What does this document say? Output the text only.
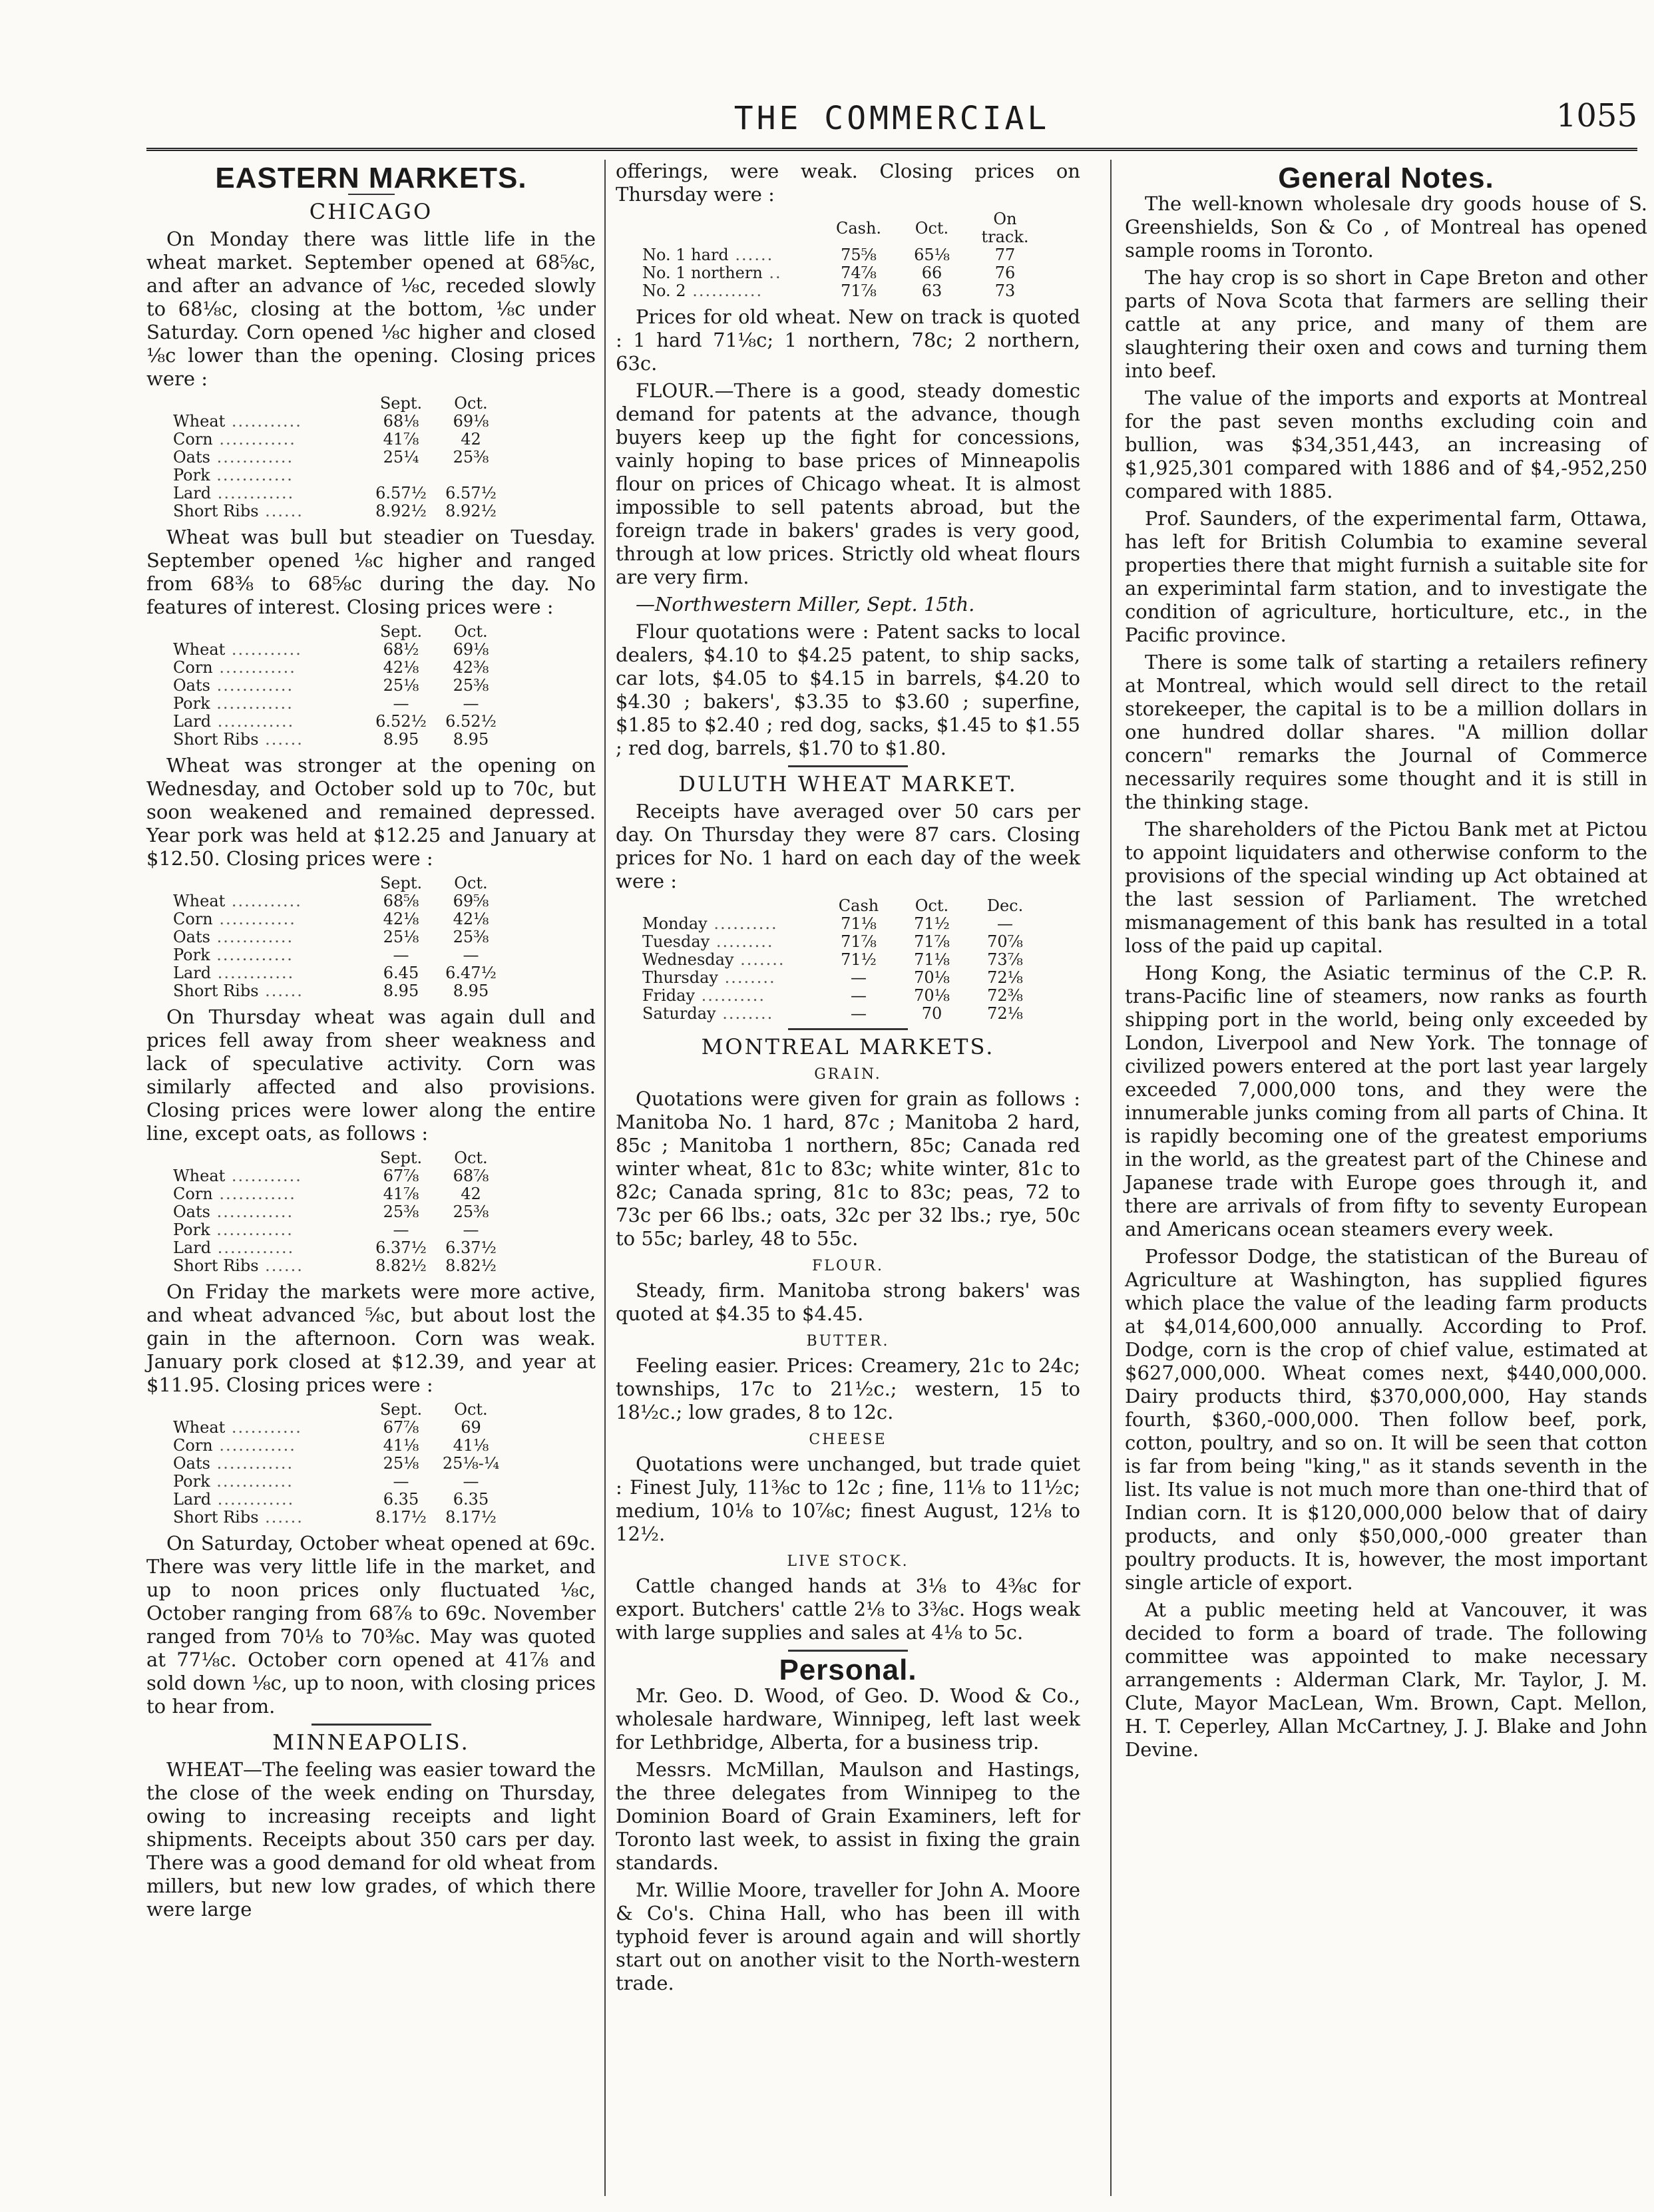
THE COMMERCIAL	1055
EASTERN MARKETS.
CHICAGO

On Monday there was little life in the wheat market. September opened at 68⅝c, and after an advance of ⅛c, receded slowly to 68⅛c, closing at the bottom, ⅛c under Saturday. Corn opened ⅛c higher and closed ⅛c lower than the opening. Closing prices were :

	Sept.	Oct.
Wheat ...........	68⅛	69⅛
Corn ............	41⅞	42
Oats ............	25¼	25⅜
Pork ............		
Lard ............	6.57½	6.57½
Short Ribs ......	8.92½	8.92½

Wheat was bull but steadier on Tuesday. September opened ⅛c higher and ranged from 68⅜ to 68⅝c during the day. No features of interest. Closing prices were :

	Sept.	Oct.
Wheat ...........	68½	69⅛
Corn ............	42⅛	42⅜
Oats ............	25⅛	25⅜
Pork ............	—	—
Lard ............	6.52½	6.52½
Short Ribs ......	8.95	8.95

Wheat was stronger at the opening on Wednesday, and October sold up to 70c, but soon weakened and remained depressed. Year pork was held at $12.25 and January at $12.50. Closing prices were :

	Sept.	Oct.
Wheat ...........	68⅝	69⅝
Corn ............	42⅛	42⅛
Oats ............	25⅛	25⅜
Pork ............	—	—
Lard ............	6.45	6.47½
Short Ribs ......	8.95	8.95

On Thursday wheat was again dull and prices fell away from sheer weakness and lack of speculative activity. Corn was similarly affected and also provisions. Closing prices were lower along the entire line, except oats, as follows :

	Sept.	Oct.
Wheat ...........	67⅞	68⅞
Corn ............	41⅞	42
Oats ............	25⅜	25⅜
Pork ............	—	—
Lard ............	6.37½	6.37½
Short Ribs ......	8.82½	8.82½

On Friday the markets were more active, and wheat advanced ⅝c, but about lost the gain in the afternoon. Corn was weak. January pork closed at $12.39, and year at $11.95. Closing prices were :

	Sept.	Oct.
Wheat ...........	67⅞	69
Corn ............	41⅛	41⅛
Oats ............	25⅛	25⅛-¼
Pork ............	—	—
Lard ............	6.35	6.35
Short Ribs ......	8.17½	8.17½

On Saturday, October wheat opened at 69c. There was very little life in the market, and up to noon prices only fluctuated ⅛c, October ranging from 68⅞ to 69c. November ranged from 70⅛ to 70⅜c. May was quoted at 77⅛c. October corn opened at 41⅞ and sold down ⅛c, up to noon, with closing prices to hear from.

MINNEAPOLIS.

WHEAT—The feeling was easier toward the the close of the week ending on Thursday, owing to increasing receipts and light shipments. Receipts about 350 cars per day. There was a good demand for old wheat from millers, but new low grades, of which there were large

offerings, were weak. Closing prices on Thursday were :

	Cash.	Oct.	On track.
No. 1 hard ......	75⅝	65⅛	77
No. 1 northern ..	74⅞	66	76
No. 2 ...........	71⅞	63	73

Prices for old wheat. New on track is quoted : 1 hard 71⅛c; 1 northern, 78c; 2 northern, 63c.

FLOUR.—There is a good, steady domestic demand for patents at the advance, though buyers keep up the fight for concessions, vainly hoping to base prices of Minneapolis flour on prices of Chicago wheat. It is almost impossible to sell patents abroad, but the foreign trade in bakers' grades is very good, through at low prices. Strictly old wheat flours are very firm.

—Northwestern Miller, Sept. 15th.

Flour quotations were : Patent sacks to local dealers, $4.10 to $4.25 patent, to ship sacks, car lots, $4.05 to $4.15 in barrels, $4.20 to $4.30 ; bakers', $3.35 to $3.60 ; superfine, $1.85 to $2.40 ; red dog, sacks, $1.45 to $1.55 ; red dog, barrels, $1.70 to $1.80.

DULUTH WHEAT MARKET.

Receipts have averaged over 50 cars per day. On Thursday they were 87 cars. Closing prices for No. 1 hard on each day of the week were :

	Cash	Oct.	Dec.
Monday ..........	71⅛	71½	—
Tuesday .........	71⅞	71⅞	70⅞
Wednesday .......	71½	71⅛	73⅞
Thursday ........	—	70⅛	72⅛
Friday ..........	—	70⅛	72⅜
Saturday ........	—	70	72⅛
MONTREAL MARKETS.
GRAIN.

Quotations were given for grain as follows : Manitoba No. 1 hard, 87c ; Manitoba 2 hard, 85c ; Manitoba 1 northern, 85c; Canada red winter wheat, 81c to 83c; white winter, 81c to 82c; Canada spring, 81c to 83c; peas, 72 to 73c per 66 lbs.; oats, 32c per 32 lbs.; rye, 50c to 55c; barley, 48 to 55c.

FLOUR.

Steady, firm. Manitoba strong bakers' was quoted at $4.35 to $4.45.

BUTTER.

Feeling easier. Prices: Creamery, 21c to 24c; townships, 17c to 21½c.; western, 15 to 18½c.; low grades, 8 to 12c.

CHEESE

Quotations were unchanged, but trade quiet : Finest July, 11⅜c to 12c ; fine, 11⅛ to 11½c; medium, 10⅛ to 10⅞c; finest August, 12⅛ to 12½.

LIVE STOCK.

Cattle changed hands at 3⅛ to 4⅜c for export. Butchers' cattle 2⅛ to 3⅜c. Hogs weak with large supplies and sales at 4⅛ to 5c.

Personal.

Mr. Geo. D. Wood, of Geo. D. Wood & Co., wholesale hardware, Winnipeg, left last week for Lethbridge, Alberta, for a business trip.

Messrs. McMillan, Maulson and Hastings, the three delegates from Winnipeg to the Dominion Board of Grain Examiners, left for Toronto last week, to assist in fixing the grain standards.

Mr. Willie Moore, traveller for John A. Moore & Co's. China Hall, who has been ill with typhoid fever is around again and will shortly start out on another visit to the North-western trade.

General Notes.

The well-known wholesale dry goods house of S. Greenshields, Son & Co , of Montreal has opened sample rooms in Toronto.

The hay crop is so short in Cape Breton and other parts of Nova Scota that farmers are selling their cattle at any price, and many of them are slaughtering their oxen and cows and turning them into beef.

The value of the imports and exports at Montreal for the past seven months excluding coin and bullion, was $34,351,443, an increasing of $1,925,301 compared with 1886 and of $4,-952,250 compared with 1885.

Prof. Saunders, of the experimental farm, Ottawa, has left for British Columbia to examine several properties there that might furnish a suitable site for an experimintal farm station, and to investigate the condition of agriculture, horticulture, etc., in the Pacific province.

There is some talk of starting a retailers refinery at Montreal, which would sell direct to the retail storekeeper, the capital is to be a million dollars in one hundred dollar shares. "A million dollar concern" remarks the Journal of Commerce necessarily requires some thought and it is still in the thinking stage.

The shareholders of the Pictou Bank met at Pictou to appoint liquidaters and otherwise conform to the provisions of the special winding up Act obtained at the last session of Parliament. The wretched mismanagement of this bank has resulted in a total loss of the paid up capital.

Hong Kong, the Asiatic terminus of the C.P. R. trans-Pacific line of steamers, now ranks as fourth shipping port in the world, being only exceeded by London, Liverpool and New York. The tonnage of civilized powers entered at the port last year largely exceeded 7,000,000 tons, and they were the innumerable junks coming from all parts of China. It is rapidly becoming one of the greatest emporiums in the world, as the greatest part of the Chinese and Japanese trade with Europe goes through it, and there are arrivals of from fifty to seventy European and Americans ocean steamers every week.

Professor Dodge, the statistican of the Bureau of Agriculture at Washington, has supplied figures which place the value of the leading farm products at $4,014,600,000 annually. According to Prof. Dodge, corn is the crop of chief value, estimated at $627,000,000. Wheat comes next, $440,000,000. Dairy products third, $370,000,000, Hay stands fourth, $360,-000,000. Then follow beef, pork, cotton, poultry, and so on. It will be seen that cotton is far from being "king," as it stands seventh in the list. Its value is not much more than one-third that of Indian corn. It is $120,000,000 below that of dairy products, and only $50,000,-000 greater than poultry products. It is, however, the most important single article of export.

At a public meeting held at Vancouver, it was decided to form a board of trade. The following committee was appointed to make necessary arrangements : Alderman Clark, Mr. Taylor, J. M. Clute, Mayor MacLean, Wm. Brown, Capt. Mellon, H. T. Ceperley, Allan McCartney, J. J. Blake and John Devine.
